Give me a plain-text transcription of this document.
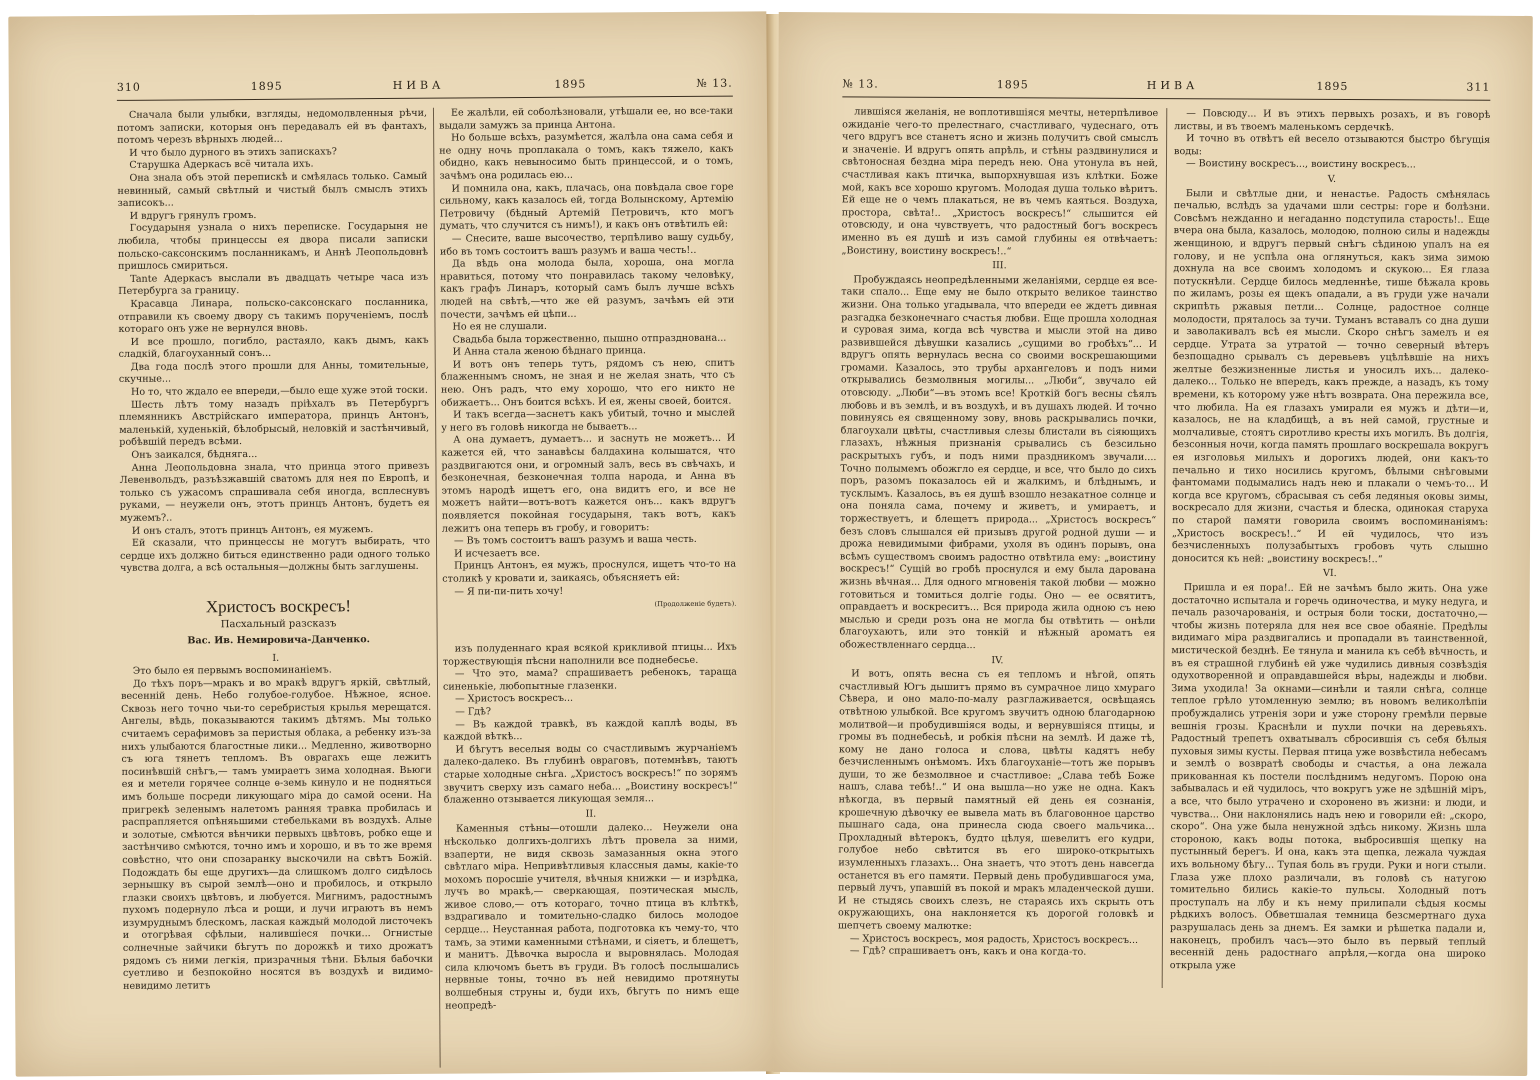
310	1895	НИВА	1895	№ 13.

Сначала были улыбки, взгляды, недомолвленныя рѣчи, потомъ записки, которыя онъ передавалъ ей въ фантахъ, потомъ черезъ вѣрныхъ людей...

И что было дурного въ этихъ запискахъ?

Старушка Адеркасъ всё читала ихъ.

Она знала объ этой перепискѣ и смѣялась только. Самый невинный, самый свѣтлый и чистый былъ смыслъ этихъ записокъ...

И вдругъ грянулъ громъ.

Государыня узнала о нихъ переписке. Государыня не любила, чтобы принцессы ея дворa писали записки польско-саксонскимъ посланникамъ, и Аннѣ Леопольдовнѣ пришлось смириться.

Tante Адеркасъ выслали въ двадцать четыре часа изъ Петербурга за границу.

Красавца Линара, польско-саксонскаго посланника, отправили къ своему двору съ такимъ порученіемъ, послѣ котораго онъ уже не вернулся вновь.

И все прошло, погибло, растаяло, какъ дымъ, какъ сладкій, благоуханный сонъ...

Два года послѣ этого прошли для Анны, томительные, скучные...

Но то, что ждало ее впереди,—было еще хуже этой тоски.

Шесть лѣтъ тому назадъ пріѣхалъ въ Петербургъ племянникъ Австрійскаго императора, принцъ Антонъ, маленькій, худенькій, бѣлобрысый, неловкій и застѣнчивый, робѣвшій передъ всѣми.

Онъ заикался, бѣдняга...

Анна Леопольдовна знала, что принца этого привезъ Левенвольдъ, разъѣзжавшій сватомъ для нея по Европѣ, и только съ ужасомъ спрашивала себя иногда, всплеснувъ руками, — неужели онъ, этотъ принцъ Антонъ, будетъ ея мужемъ?..

И онъ сталъ, этотъ принцъ Антонъ, ея мужемъ.

Ей сказали, что принцессы не могутъ выбирать, что сердце ихъ должно биться единственно ради одного только чувства долга, а всѣ остальныя—должны быть заглушены.

Ее жалѣли, ей соболѣзновали, утѣшали ее, но все-таки выдали замужъ за принца Антона.

Но больше всѣхъ, разумѣется, жалѣла она сама себя и не одну ночь проплакала о томъ, какъ тяжело, какъ обидно, какъ невыносимо быть принцессой, и о томъ, зачѣмъ она родилась ею...

И помнила она, какъ, плачась, она повѣдала свое горе сильному, какъ казалось ей, тогда Волынскому, Артемію Петровичу (бѣдный Артемій Петровичъ, кто могъ думать, что случится съ нимъ!), и какъ онъ отвѣтилъ ей:

— Снесите, ваше высочество, терпѣливо вашу судьбу, ибо въ томъ состоитъ вашъ разумъ и ваша честь!..

Да вѣдь она молода была, хороша, она могла нравиться, потому что понравилась такому человѣку, какъ графъ Линаръ, который самъ былъ лучше всѣхъ людей на свѣтѣ,—что же ей разумъ, зачѣмъ ей эти почести, зачѣмъ ей цѣпи...

Но ея не слушали.

Свадьба была торжественно, пышно отпразднована...

И Анна стала женою бѣднаго принца.

И вотъ онъ теперь тутъ, рядомъ съ нею, спитъ блаженнымъ сномъ, не зная и не желая знать, что съ нею. Онъ радъ, что ему хорошо, что его никто не обижаетъ... Онъ боится всѣхъ. И ея, жены своей, боится.

И такъ всегда—заснетъ какъ убитый, точно и мыслей у него въ головѣ никогда не бываетъ...

А она думаетъ, думаетъ... и заснуть не можетъ... И кажется ей, что занавѣсы балдахина колышатся, что раздвигаются они, и огромный залъ, весь въ свѣчахъ, и безконечная, безконечная толпа народа, и Анна въ этомъ народѣ ищетъ его, она видитъ его, и все не можетъ найти—вотъ-вотъ кажется онъ... какъ вдругъ появляется покойная государыня, такъ вотъ, какъ лежитъ она теперь въ гробу, и говоритъ:

— Въ томъ состоитъ вашъ разумъ и ваша честь.

И исчезаетъ все.

Принцъ Антонъ, ея мужъ, проснулся, ищетъ что-то на столикѣ у кровати и, заикаясь, объясняетъ ей:

— Я пи-пи-пить хочу!

(Продолженіе будетъ).

Христосъ воскресъ!
Пасхальный разсказъ
Вас. Ив. Немировича-Данченко.

I.

Это было ея первымъ воспоминаніемъ.

До тѣхъ поръ—мракъ и во мракѣ вдругъ яркій, свѣтлый, весенній день. Небо голубое-голубое. Нѣжное, ясное. Сквозь него точно чьи-то серебристыя крылья мерещатся. Ангелы, вѣдь, показываются такимъ дѣтямъ. Мы только считаемъ серафимовъ за перистыя облака, а ребенку изъ-за нихъ улыбаются благостные лики... Медленно, животворно съ юга тянетъ тепломъ. Въ оврагахъ еще лежитъ посинѣвшій снѣгъ,— тамъ умираетъ зима холодная. Вьюги ея и метели горячее солнце ѳ-земь кинуло и не подняться имъ больше посреди ликующаго міра до самой осени. На пригрекѣ зеленымъ налетомъ ранняя травка пробилась и распрапляется опѣняьшими стебельками въ воздухѣ. Алые и золотые, смѣются вѣнчики первыхъ цвѣтовъ, робко еще и застѣнчиво смѣются, точно имъ и хорошо, и въ то же время совѣстно, что они спозаранку выскочили на свѣтъ Божій. Подождать бы еще другихъ—да слишкомъ долго сидѣлось зернышку въ сырой землѣ—оно и пробилось, и открыло глазки своихъ цвѣтовъ, и любуется. Мигнимъ, радостнымъ пухомъ подернуло лѣса и рощи, и лучи играютъ въ немъ изумруднымъ блескомъ, лаская каждый молодой листочекъ и отогрѣвая сфѣлыи, налившіеся почки... Огнистые солнечные зайчики бѣгутъ по дорожкѣ и тихо дрожатъ рядомъ съ ними легкія, призрачныя тѣни. Бѣлыя бабочки суетливо и безпокойно носятся въ воздухѣ и видимо-невидимо летитъ

изъ полуденнаго края всякой крикливой птицы... Ихъ торжествующія пѣсни наполнили все поднебесье.

— Что это, мама? спрашиваетъ ребенокъ, тараща синенькіе, любопытные глазенки.

— Христосъ воскресъ...

— Гдѣ?

— Въ каждой травкѣ, въ каждой каплѣ воды, въ каждой вѣткѣ...

И бѣгутъ веселыя воды со счастливымъ журчаніемъ далеко-далеко. Въ глубинѣ овраговъ, потемнѣвъ, таютъ старые холодные снѣга. „Христосъ воскресъ!“ по зорямъ звучитъ сверху изъ самаго неба... „Воистину воскресъ!“ блаженно отзывается ликующая земля...

II.

Каменныя стѣны—отошли далеко... Неужели она нѣсколько долгихъ-долгихъ лѣтъ провела за ними, взаперти, не видя сквозь замазанныя окна этого свѣтлаго міра. Непривѣтливыя классныя дамы, какіе-то мохомъ поросшіе учителя, вѣчныя книжки — и изрѣдка, лучъ во мракѣ,— сверкающая, поэтическая мысль, живое слово,— отъ котораго, точно птица въ клѣткѣ, вздрагивало и томительно-сладко билось молодое сердце... Неустанная работа, подготовка къ чему-то, что тамъ, за этими каменными стѣнами, и сіяетъ, и блещетъ, и манитъ. Дѣвочка выросла и выровнялась. Молодая сила ключомъ бьетъ въ груди. Въ голосѣ послышались нервные тоны, точно въ ней невидимо протянуты волшебныя струны и, буди ихъ, бѣгутъ по нимъ еще неопредѣ-

№ 13.	1895	НИВА	1895	311

лившіяся желанія, не воплотившіяся мечты, нетерпѣливое ожиданіе чего-то прелестнаго, счастливаго, чудеснаго, отъ чего вдругъ все станетъ ясно и жизнь получитъ свой смыслъ и значеніе. И вдругъ опять апрѣль, и стѣны раздвинулися и свѣтоносная бездна міра передъ нею. Она утонула въ ней, счастливая какъ птичка, выпорхнувшая изъ клѣтки. Боже мой, какъ все хорошо кругомъ. Молодая душа только вѣритъ. Ей еще не о чемъ плакаться, не въ чемъ каяться. Воздуха, простора, свѣта!.. „Христосъ воскресъ!“ слышится ей отовсюду, и она чувствуетъ, что радостный богъ воскресъ именно въ ея душѣ и изъ самой глубины ея отвѣчаетъ: „Воистину, воистину воскресъ!..“

III.

Пробуждаясь неопредѣленными желаніями, сердце ея все-таки спало... Еще ему не было открыто великое таинство жизни. Она только угадывала, что впереди ее ждетъ дивная разгадка безконечнаго счастья любви. Еще прошла холодная и суровая зима, когда всѣ чувства и мысли этой на диво развившейся дѣвушки казались „сущими во гробѣхъ“... И вдругъ опять вернулась весна со своими воскрешающими громами. Казалось, это трубы архангеловъ и подъ ними открывались безмолвныя могилы... „Люби“, звучало ей отовсюду. „Люби“—въ этомъ все! Кроткій богъ весны сѣялъ любовь и въ землѣ, и въ воздухѣ, и въ душахъ людей. И точно повинуясь ея священному зову, вновь раскрывались почки, благоухали цвѣты, счастливыя слезы блистали въ сіяющихъ глазахъ, нѣжныя признанія срывались съ безсильно раскрытыхъ губъ, и подъ ними праздникомъ звучали.... Точно полымемъ обожгло ея сердце, и все, что было до сихъ поръ, разомъ показалось ей и жалкимъ, и блѣднымъ, и тусклымъ. Казалось, въ ея душѣ взошло незакатное солнце и она поняла сама, почему и живетъ, и умираетъ, и торжествуетъ, и блещетъ природа... „Христосъ воскресъ“ безъ словъ слышался ей призывъ другой родной души — и дрожа невидимыми фибрами, ухоля въ одинъ порывъ, она всѣмъ существомъ своимъ радостно отвѣтила ему: „воистину воскресъ!“ Сущій во гробѣ проснулся и ему была дарована жизнь вѣчная... Для одного мгновенія такой любви — можно готовиться и томиться долгіе годы. Оно — ее освятитъ, оправдаетъ и воскреситъ... Вся природа жила одною съ нею мыслью и среди розъ она не могла бы отвѣтить — онѣли благоухаютъ, или это тонкій и нѣжный ароматъ ея обожествленнаго сердца...

IV.

И вотъ, опять весна съ ея тепломъ и нѣгой, опять счастливый Югъ дышитъ прямо въ сумрачное лицо хмураго Сѣвера, и оно мало-по-малу разглаживается, освѣщаясь отвѣтною улыбкой. Все кругомъ звучитъ одною благодарною молитвой—и пробудившіяся воды, и вернувшіяся птицы, и громы въ поднебесьѣ, и робкія пѣсни на землѣ. И даже тѣ, кому не дано голоса и слова, цвѣты кадятъ небу безчисленнымъ онѣмомъ. Ихъ благоуханіе—тотъ же порывъ души, то же безмолвное и счастливое: „Слава тебѣ Боже нашъ, слава тебѣ!..“ И она вышла—но уже не одна. Какъ нѣкогда, въ первый памятный ей день ея сознанія, крошечную дѣвочку ее вывела мать въ благовонное царство пышнаго сада, она принесла сюда своего мальчика... Прохладный вѣтерокъ, будто цѣлуя, шевелитъ его кудри, голубое небо свѣтится въ его широко-открытыхъ изумленныхъ глазахъ... Она знаетъ, что этотъ день навсегда останется въ его памяти. Первый день пробудившагося ума, первый лучъ, упавшій въ покой и мракъ младенческой души. И не стыдясь своихъ слезъ, не стараясь ихъ скрыть отъ окружающихъ, она наклоняется къ дорогой головкѣ и шепчетъ своему малютке:

— Христосъ воскресъ, моя радость, Христосъ воскресъ...

— Гдѣ? спрашиваетъ онъ, какъ и она когда-то.

— Повсюду... И въ этихъ первыхъ розахъ, и въ говорѣ листвы, и въ твоемъ маленькомъ сердечкѣ.

И точно въ отвѣтъ ей весело отзываются быстро бѣгущія воды:

— Воистину воскресъ..., воистину воскресъ...

V.

Были и свѣтлые дни, и ненастье. Радость смѣнялась печалью, вслѣдъ за удачами шли сестры: горе и болѣзни. Совсѣмъ нежданно и негаданно подступила старость!.. Еще вчера она была, казалось, молодою, полною силы и надежды женщиною, и вдругъ первый снѣгъ сѣдиною упалъ на ея голову, и не успѣла она оглянуться, какъ зима зимою дохнула на все своимъ холодомъ и скукою... Ея глаза потускнѣли. Сердце билось медленнѣе, тише бѣжала кровь по жиламъ, розы ея щекъ опадали, а въ груди уже начали скрипѣть ржавыя петли... Солнце, радостное солнце молодости, пряталось за тучи. Туманъ вставалъ со дна души и заволакивалъ всѣ ея мысли. Скоро снѣгъ замелъ и ея сердце. Утрата за утратой — точно северный вѣтеръ безпощадно срывалъ съ деревьевъ уцѣлѣвшіе на нихъ желтые безжизненные листья и уносилъ ихъ... далеко-далеко... Только не впередъ, какъ прежде, а назадъ, къ тому времени, къ которому уже нѣтъ возврата. Она пережила все, что любила. На ея глазахъ умирали ея мужъ и дѣти—и, казалось, не на кладбищѣ, а въ ней самой, грустные и молчаливые, стоятъ сиротливо кресты ихъ могилъ. Въ долгія, безсонныя ночи, когда память прошлаго воскрешала вокругъ ея изголовья милыхъ и дорогихъ людей, они какъ-то печально и тихо носились кругомъ, бѣлыми снѣговыми фантомами подымались надъ нею и плакали о чемъ-то... И когда все кругомъ, сбрасывая съ себя ледяныя оковы зимы, воскресало для жизни, счастья и блеска, одинокая старуха по старой памяти говорила своимъ воспоминаніямъ: „Христосъ воскресъ!..“ И ей чудилось, что изъ безчисленныхъ полузабытыхъ гробовъ чуть слышно доносится къ ней: „воистину воскресъ!..“

VI.

Пришла и ея пора!.. Ей не зачѣмъ было жить. Она уже достаточно испытала и горечь одиночества, и муку недуга, и печаль разочарованія, и острыя боли тоски, достаточно,—чтобы жизнь потеряла для нея все свое обаяніе. Предѣлы видимаго міра раздвигались и пропадали въ таинственной, мистической безднѣ. Ее тянула и манила къ себѣ вѣчность, и въ ея страшной глубинѣ ей уже чудились дивныя созвѣздія одухотворенной и оправдавшейся вѣры, надежды и любви. Зима уходила! За окнами—синѣли и таяли снѣга, солнце теплое грѣло утомленную землю; въ новомъ великолѣпіи пробуждались утренія зори и уже сторону гремѣли первые вешнія грозы. Краснѣли и пухли почки на деревьяхъ. Радостный трепетъ охватывалъ сбросившія съ себя бѣлыя пуховыя зимы кусты. Первая птица уже возвѣстила небесамъ и землѣ о возвратѣ свободы и счастья, а она лежала прикованная къ постели послѣднимъ недугомъ. Порою она забывалась и ей чудилось, что вокругъ уже не здѣшній міръ, а все, что было утрачено и схоронено въ жизни: и люди, и чувства... Они наклонялись надъ нею и говорили ей: „скоро, скоро“. Она уже была ненужной здѣсь никому. Жизнь шла стороною, какъ воды потока, выбросившія щепку на пустынный берегъ. И она, какъ эта щепка, лежала чуждая ихъ вольному бѣгу... Тупая боль въ груди. Руки и ноги стыли. Глаза уже плохо различали, въ головѣ съ натугою томительно бились какіе-то пульсы. Холодный потъ проступалъ на лбу и къ нему прилипали сѣдыя космы рѣдкихъ волосъ. Обветшалая темница безсмертнаго духа разрушалась день за днемъ. Ея замки и рѣшетка падали и, наконецъ, пробилъ часъ—это было въ первый теплый весенній день радостнаго апрѣля,—когда она широко открыла уже
